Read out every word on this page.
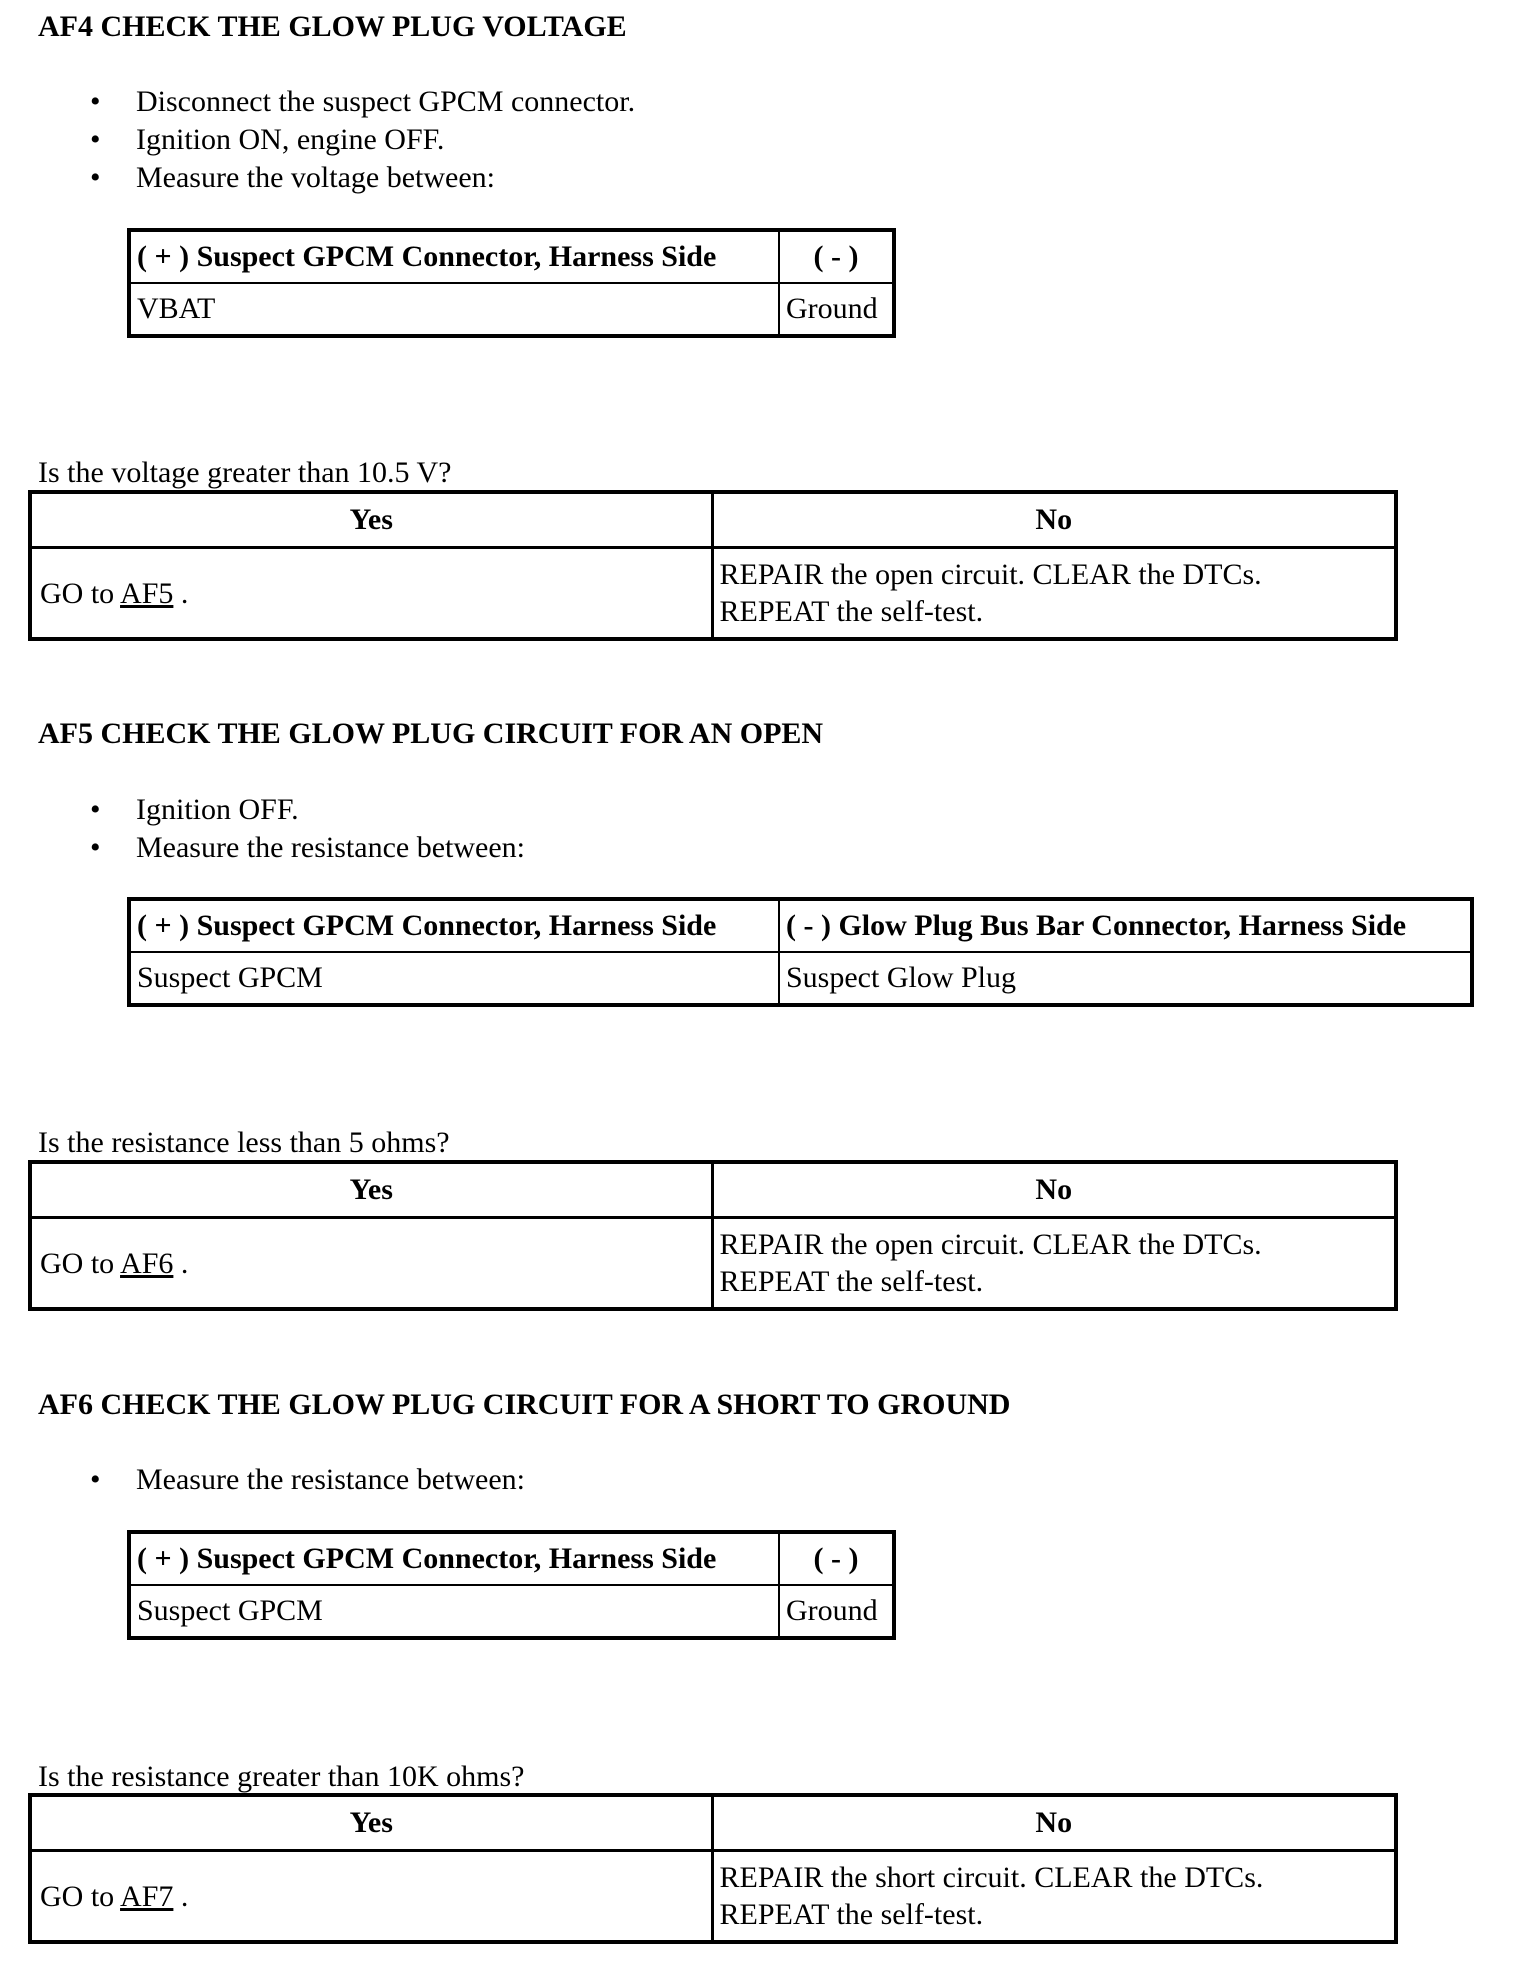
AF4 CHECK THE GLOW PLUG VOLTAGE
• Disconnect the suspect GPCM connector.
• Ignition ON, engine OFF.
• Measure the voltage between:
( + ) Suspect GPCM Connector, Harness Side	( - )
VBAT	Ground
Is the voltage greater than 10.5 V?
Yes	No
GO to AF5 .	REPAIR the open circuit. CLEAR the DTCs.
REPEAT the self-test.
AF5 CHECK THE GLOW PLUG CIRCUIT FOR AN OPEN
• Ignition OFF.
• Measure the resistance between:
( + ) Suspect GPCM Connector, Harness Side	( - ) Glow Plug Bus Bar Connector, Harness Side
Suspect GPCM	Suspect Glow Plug
Is the resistance less than 5 ohms?
Yes	No
GO to AF6 .	REPAIR the open circuit. CLEAR the DTCs.
REPEAT the self-test.
AF6 CHECK THE GLOW PLUG CIRCUIT FOR A SHORT TO GROUND
• Measure the resistance between:
( + ) Suspect GPCM Connector, Harness Side	( - )
Suspect GPCM	Ground
Is the resistance greater than 10K ohms?
Yes	No
GO to AF7 .	REPAIR the short circuit. CLEAR the DTCs.
REPEAT the self-test.
